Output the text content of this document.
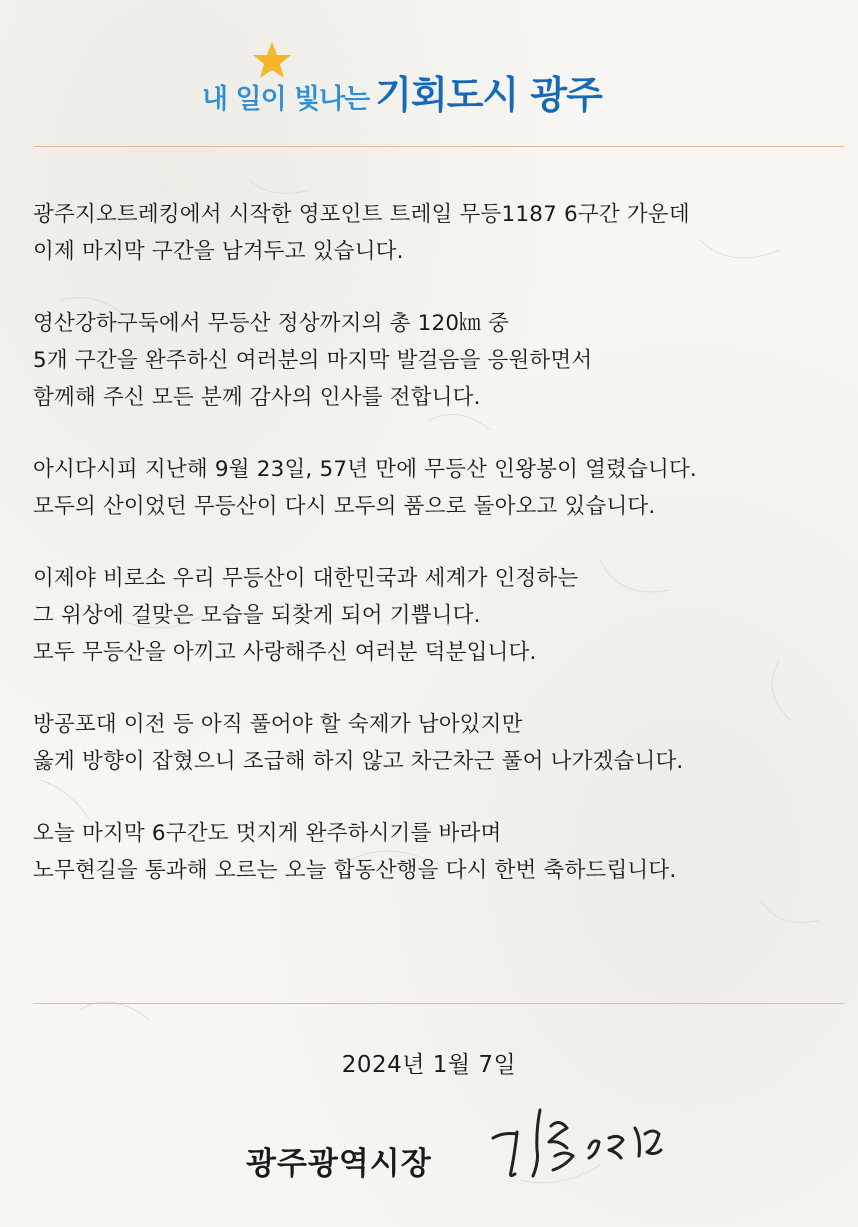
내 일이 빛나는 기회도시 광주

광주지오트레킹에서 시작한 영포인트 트레일 무등1187 6구간 가운데
이제 마지막 구간을 남겨두고 있습니다.

영산강하구둑에서 무등산 정상까지의 총 120㎞ 중
5개 구간을 완주하신 여러분의 마지막 발걸음을 응원하면서
함께해 주신 모든 분께 감사의 인사를 전합니다.

아시다시피 지난해 9월 23일, 57년 만에 무등산 인왕봉이 열렸습니다.
모두의 산이었던 무등산이 다시 모두의 품으로 돌아오고 있습니다.

이제야 비로소 우리 무등산이 대한민국과 세계가 인정하는
그 위상에 걸맞은 모습을 되찾게 되어 기쁩니다.
모두 무등산을 아끼고 사랑해주신 여러분 덕분입니다.

방공포대 이전 등 아직 풀어야 할 숙제가 남아있지만
옳게 방향이 잡혔으니 조급해 하지 않고 차근차근 풀어 나가겠습니다.

오늘 마지막 6구간도 멋지게 완주하시기를 바라며
노무현길을 통과해 오르는 오늘 합동산행을 다시 한번 축하드립니다.

2024년 1월 7일
광주광역시장
